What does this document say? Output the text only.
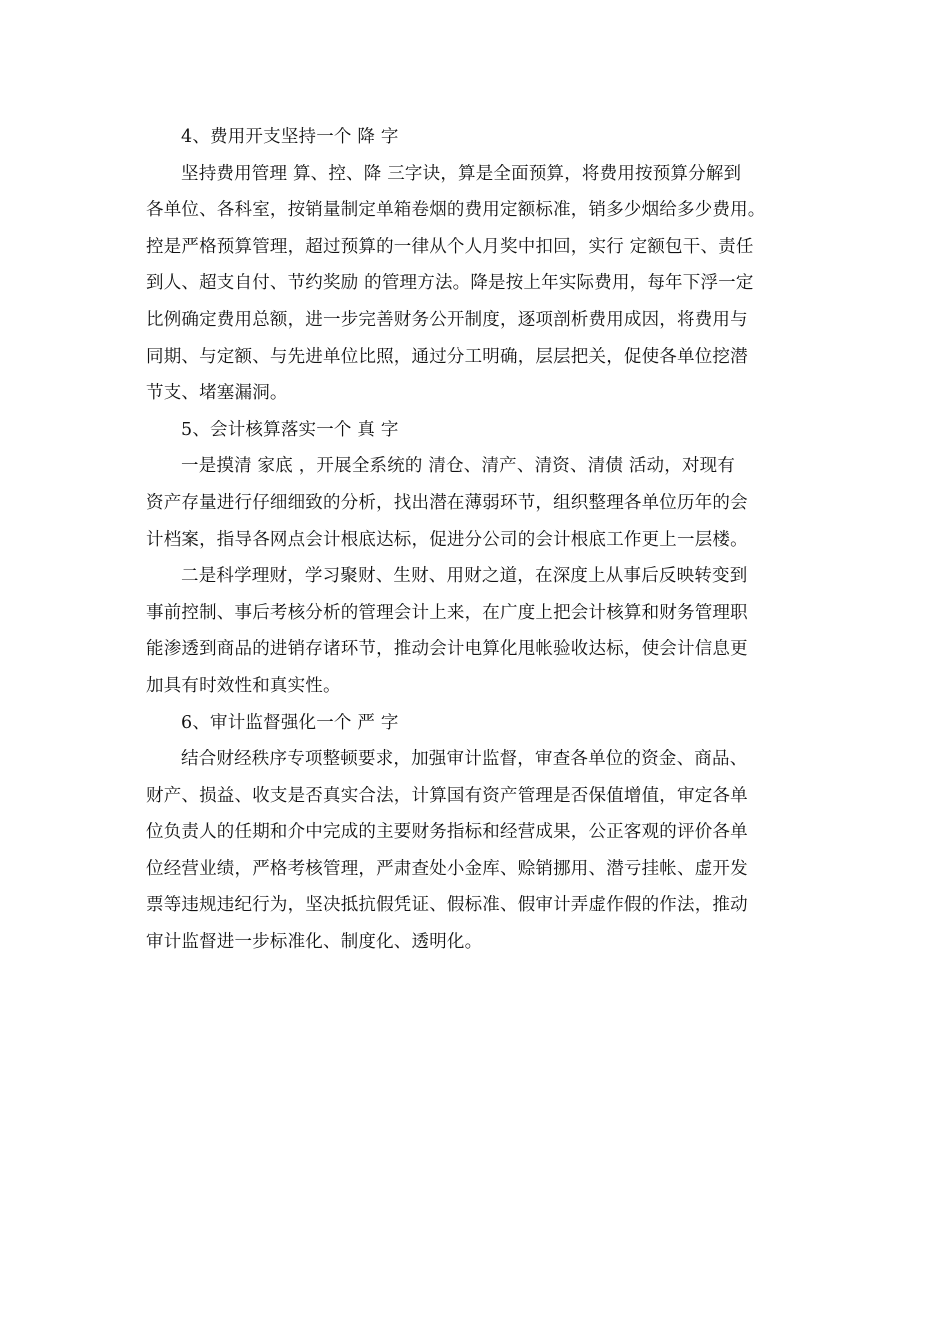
4、费用开支坚持一个 降 字
坚持费用管理 算、控、降 三字诀，算是全面预算，将费用按预算分解到
各单位、各科室，按销量制定单箱卷烟的费用定额标准，销多少烟给多少费用。
控是严格预算管理，超过预算的一律从个人月奖中扣回，实行 定额包干、责任
到人、超支自付、节约奖励 的管理方法。降是按上年实际费用，每年下浮一定
比例确定费用总额，进一步完善财务公开制度，逐项剖析费用成因，将费用与
同期、与定额、与先进单位比照，通过分工明确，层层把关，促使各单位挖潜
节支、堵塞漏洞。
5、会计核算落实一个 真 字
一是摸清 家底 ，开展全系统的 清仓、清产、清资、清债 活动，对现有
资产存量进行仔细细致的分析，找出潜在薄弱环节，组织整理各单位历年的会
计档案，指导各网点会计根底达标，促进分公司的会计根底工作更上一层楼。
二是科学理财，学习聚财、生财、用财之道，在深度上从事后反映转变到
事前控制、事后考核分析的管理会计上来，在广度上把会计核算和财务管理职
能渗透到商品的进销存诸环节，推动会计电算化甩帐验收达标，使会计信息更
加具有时效性和真实性。
6、审计监督强化一个 严 字
结合财经秩序专项整顿要求，加强审计监督，审查各单位的资金、商品、
财产、损益、收支是否真实合法，计算国有资产管理是否保值增值，审定各单
位负责人的任期和介中完成的主要财务指标和经营成果，公正客观的评价各单
位经营业绩，严格考核管理，严肃查处小金库、赊销挪用、潜亏挂帐、虚开发
票等违规违纪行为，坚决抵抗假凭证、假标准、假审计弄虚作假的作法，推动
审计监督进一步标准化、制度化、透明化。
